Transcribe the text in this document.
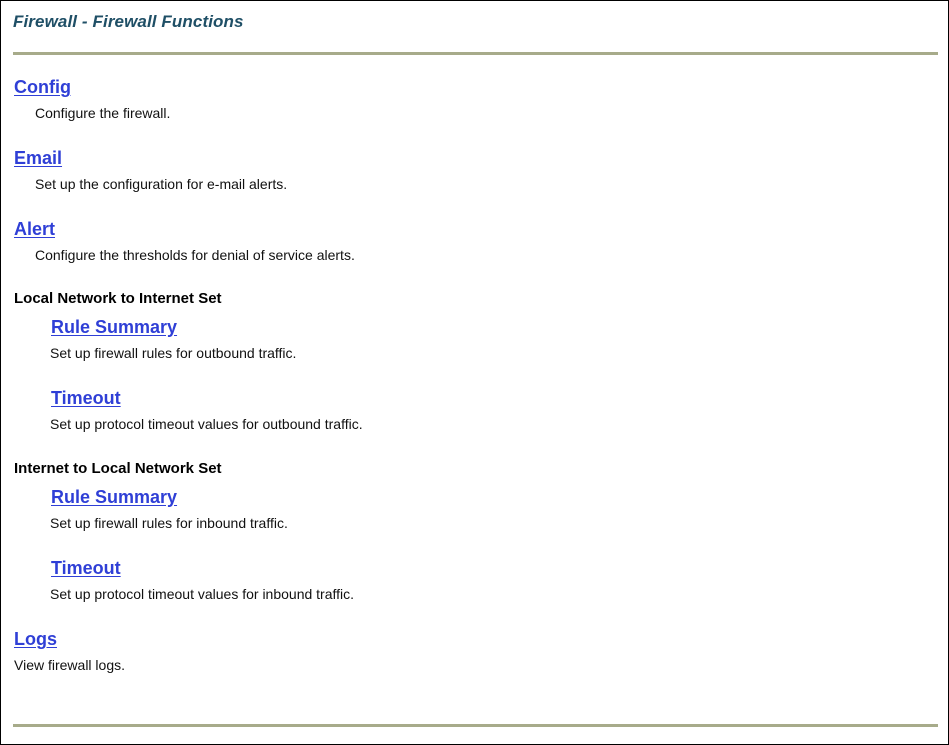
Firewall - Firewall Functions
Config

Configure the firewall.

Email

Set up the configuration for e-mail alerts.

Alert

Configure the thresholds for denial of service alerts.

Local Network to Internet Set
Rule Summary

Set up firewall rules for outbound traffic.

Timeout

Set up protocol timeout values for outbound traffic.

Internet to Local Network Set
Rule Summary

Set up firewall rules for inbound traffic.

Timeout

Set up protocol timeout values for inbound traffic.

Logs

View firewall logs.
